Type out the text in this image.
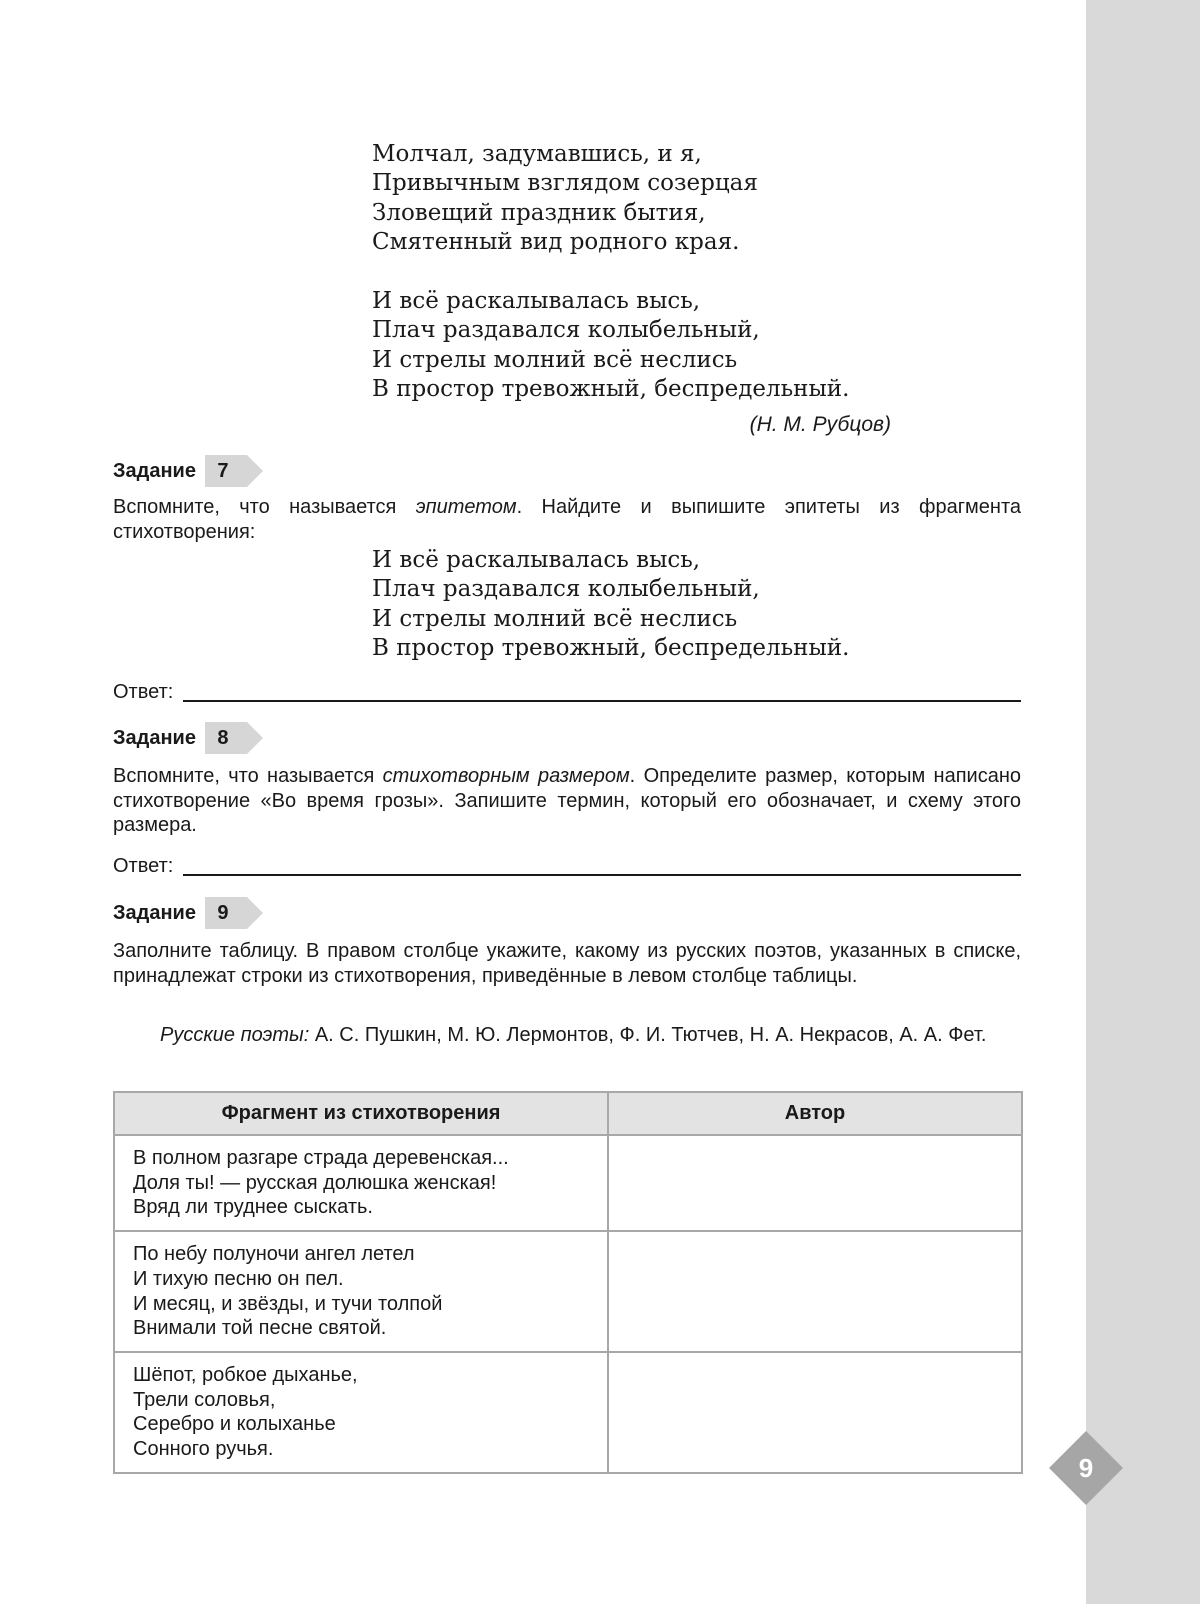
9
Молчал, задумавшись, и я,
Привычным взглядом созерцая
Зловещий праздник бытия,
Смятенный вид родного края.
И всё раскалывалась высь,
Плач раздавался колыбельный,
И стрелы молний всё неслись
В простор тревожный, беспредельный.
(Н. М. Рубцов)
Задание	7
Вспомните, что называется эпитетом. Найдите и выпишите эпитеты из фрагмента стихотворения:
И всё раскалывалась высь,
Плач раздавался колыбельный,
И стрелы молний всё неслись
В простор тревожный, беспредельный.
Ответ:
Задание	8
Вспомните, что называется стихотворным размером. Определите размер, которым написано стихотворение «Во время грозы». Запишите термин, который его обозначает, и схему этого размера.
Ответ:
Задание	9
Заполните таблицу. В правом столбце укажите, какому из русских поэтов, указанных в списке, принадлежат строки из стихотворения, приведённые в левом столбце таблицы.
Русские поэты: А. С. Пушкин, М. Ю. Лермонтов, Ф. И. Тютчев, Н. А. Некрасов, А. А. Фет.
Фрагмент из стихотворения	Автор

В полном разгаре страда деревенская...
Доля ты! — русская долюшка женская!
Вряд ли труднее сыскать.	

По небу полуночи ангел летел
И тихую песню он пел.
И месяц, и звёзды, и тучи толпой
Внимали той песне святой.	

Шёпот, робкое дыханье,
Трели соловья,
Серебро и колыханье
Сонного ручья.	
